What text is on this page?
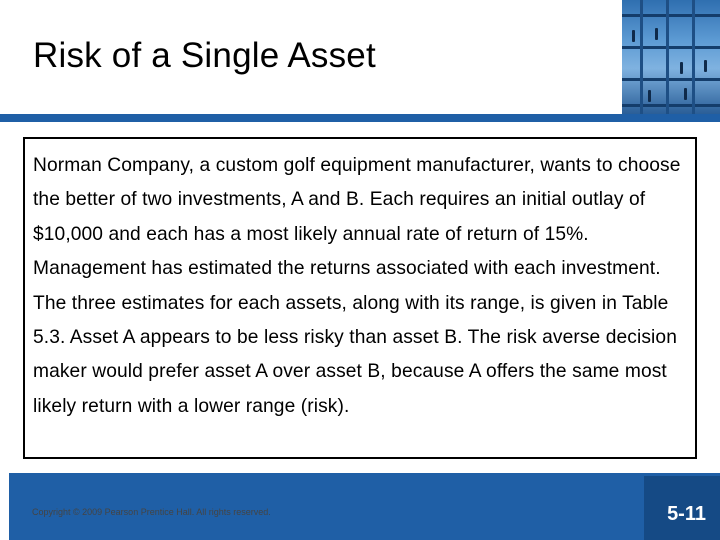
Risk of a Single Asset

Norman Company, a custom golf equipment manufacturer, wants to choose the better of two investments, A and B. Each requires an initial outlay of $10,000 and each has a most likely annual rate of return of 15%. Management has estimated the returns associated with each investment. The three estimates for each assets, along with its range, is given in Table 5.3. Asset A appears to be less risky than asset B. The risk averse decision maker would prefer asset A over asset B, because A offers the same most likely return with a lower range (risk).

Copyright © 2009 Pearson Prentice Hall. All rights reserved.	5-11
